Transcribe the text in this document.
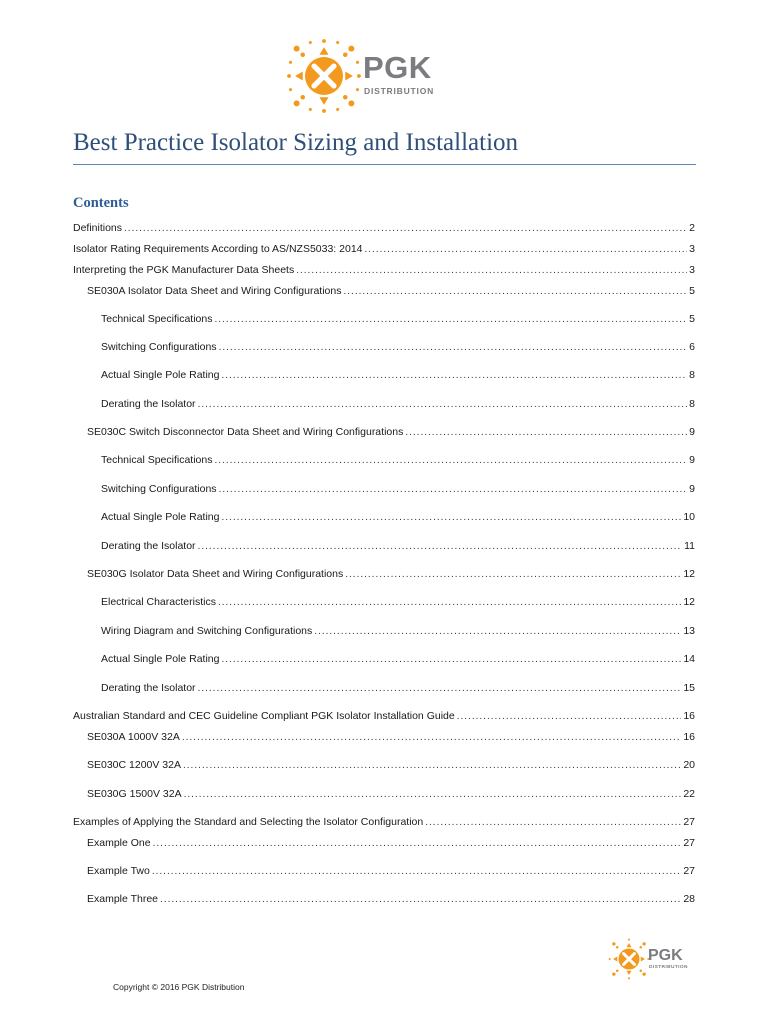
PGK
DISTRIBUTION
Best Practice Isolator Sizing and Installation
Contents
Definitions .....	2
Isolator Rating Requirements According to AS/NZS5033: 2014 .....	3
Interpreting the PGK Manufacturer Data Sheets .....	3
SE030A Isolator Data Sheet and Wiring Configurations .....	5
Technical Specifications .....	5
Switching Configurations .....	6
Actual Single Pole Rating .....	8
Derating the Isolator .....	8
SE030C Switch Disconnector Data Sheet and Wiring Configurations .....	9
Technical Specifications .....	9
Switching Configurations .....	9
Actual Single Pole Rating .....	10
Derating the Isolator .....	11
SE030G Isolator Data Sheet and Wiring Configurations .....	12
Electrical Characteristics .....	12
Wiring Diagram and Switching Configurations .....	13
Actual Single Pole Rating .....	14
Derating the Isolator .....	15
Australian Standard and CEC Guideline Compliant PGK Isolator Installation Guide .....	16
SE030A 1000V 32A .....	16
SE030C 1200V 32A .....	20
SE030G 1500V 32A .....	22
Examples of Applying the Standard and Selecting the Isolator Configuration .....	27
Example One .....	27
Example Two .....	27
Example Three .....	28
PGK
DISTRIBUTION
Copyright © 2016 PGK Distribution
